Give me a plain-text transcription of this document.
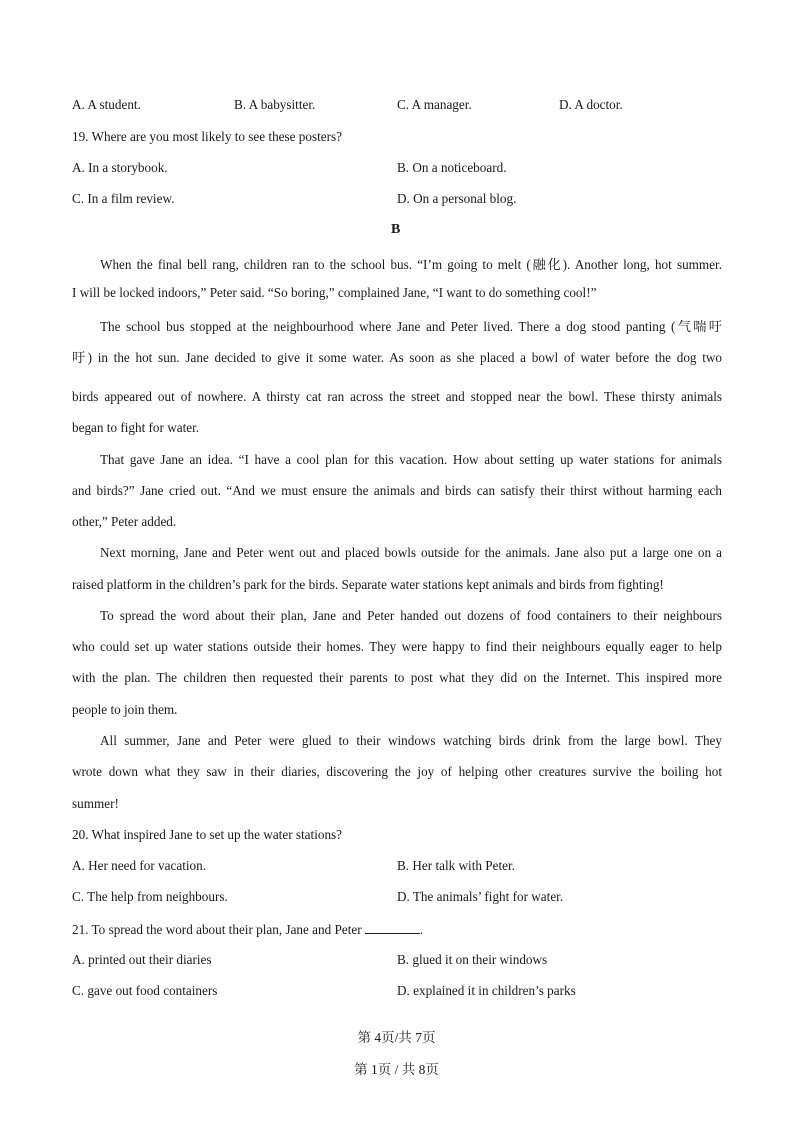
A. A student.	B. A babysitter.	C. A manager.	D. A doctor.
19. Where are you most likely to see these posters?
A. In a storybook.	B. On a noticeboard.
C. In a film review.	D. On a personal blog.
B
When the final bell rang, children ran to the school bus. “I’m going to melt (融化). Another long, hot summer.
I will be locked indoors,” Peter said. “So boring,” complained Jane, “I want to do something cool!”
The school bus stopped at the neighbourhood where Jane and Peter lived. There a dog stood panting (气喘吁
吁) in the hot sun. Jane decided to give it some water. As soon as she placed a bowl of water before the dog two
birds appeared out of nowhere. A thirsty cat ran across the street and stopped near the bowl. These thirsty animals
began to fight for water.
That gave Jane an idea. “I have a cool plan for this vacation. How about setting up water stations for animals
and birds?” Jane cried out. “And we must ensure the animals and birds can satisfy their thirst without harming each
other,” Peter added.
Next morning, Jane and Peter went out and placed bowls outside for the animals. Jane also put a large one on a
raised platform in the children’s park for the birds. Separate water stations kept animals and birds from fighting!
To spread the word about their plan, Jane and Peter handed out dozens of food containers to their neighbours
who could set up water stations outside their homes. They were happy to find their neighbours equally eager to help
with the plan. The children then requested their parents to post what they did on the Internet. This inspired more
people to join them.
All summer, Jane and Peter were glued to their windows watching birds drink from the large bowl. They
wrote down what they saw in their diaries, discovering the joy of helping other creatures survive the boiling hot
summer!
20. What inspired Jane to set up the water stations?
A. Her need for vacation.	B. Her talk with Peter.
C. The help from neighbours.	D. The animals’ fight for water.
21. To spread the word about their plan, Jane and Peter	.
A. printed out their diaries	B. glued it on their windows
C. gave out food containers	D. explained it in children’s parks
第 4页/共 7页
第 1页 / 共 8页
